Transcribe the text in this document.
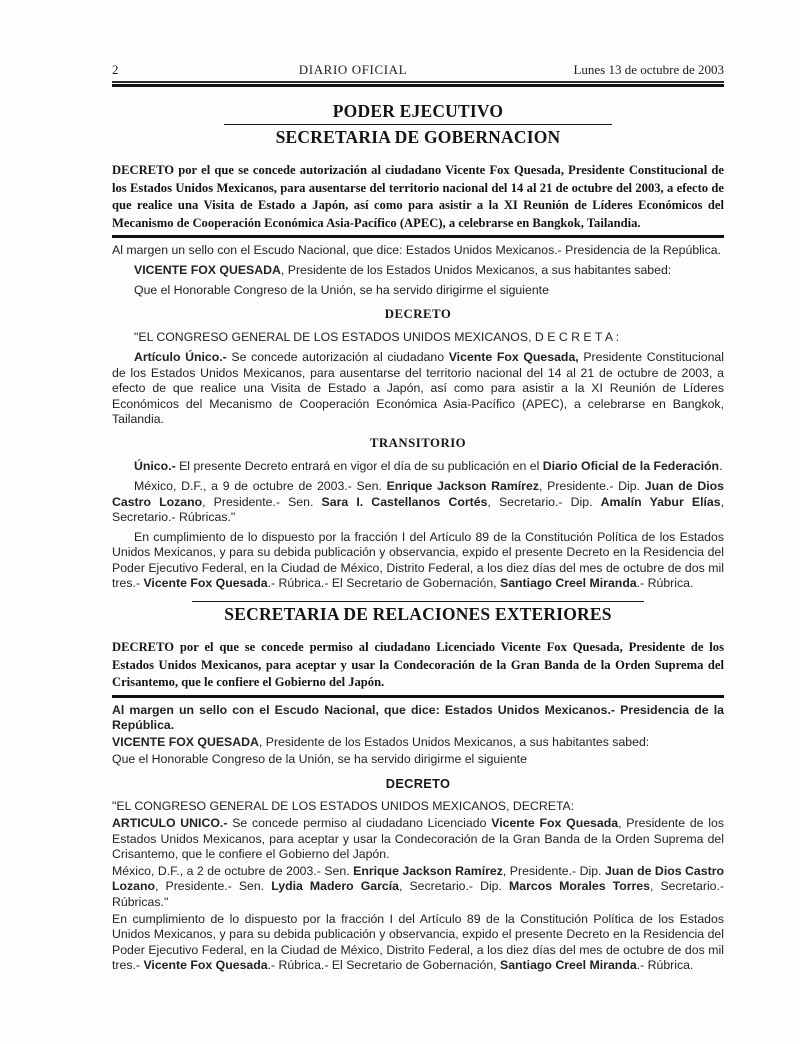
2	DIARIO OFICIAL	Lunes 13 de octubre de 2003
PODER EJECUTIVO
SECRETARIA DE GOBERNACION

DECRETO por el que se concede autorización al ciudadano Vicente Fox Quesada, Presidente Constitucional de los Estados Unidos Mexicanos, para ausentarse del territorio nacional del 14 al 21 de octubre del 2003, a efecto de que realice una Visita de Estado a Japón, así como para asistir a la XI Reunión de Líderes Económicos del Mecanismo de Cooperación Económica Asia-Pacífico (APEC), a celebrarse en Bangkok, Tailandia.

Al margen un sello con el Escudo Nacional, que dice: Estados Unidos Mexicanos.- Presidencia de la República.

VICENTE FOX QUESADA, Presidente de los Estados Unidos Mexicanos, a sus habitantes sabed:

Que el Honorable Congreso de la Unión, se ha servido dirigirme el siguiente

DECRETO

"EL CONGRESO GENERAL DE LOS ESTADOS UNIDOS MEXICANOS, D E C R E T A :

Artículo Único.- Se concede autorización al ciudadano Vicente Fox Quesada, Presidente Constitucional de los Estados Unidos Mexicanos, para ausentarse del territorio nacional del 14 al 21 de octubre de 2003, a efecto de que realice una Visita de Estado a Japón, así como para asistir a la XI Reunión de Líderes Económicos del Mecanismo de Cooperación Económica Asia-Pacífico (APEC), a celebrarse en Bangkok, Tailandia.

TRANSITORIO

Único.- El presente Decreto entrará en vigor el día de su publicación en el Diario Oficial de la Federación.

México, D.F., a 9 de octubre de 2003.- Sen. Enrique Jackson Ramírez, Presidente.- Dip. Juan de Dios Castro Lozano, Presidente.- Sen. Sara I. Castellanos Cortés, Secretario.- Dip. Amalín Yabur Elías, Secretario.- Rúbricas."

En cumplimiento de lo dispuesto por la fracción I del Artículo 89 de la Constitución Política de los Estados Unidos Mexicanos, y para su debida publicación y observancia, expido el presente Decreto en la Residencia del Poder Ejecutivo Federal, en la Ciudad de México, Distrito Federal, a los diez días del mes de octubre de dos mil tres.- Vicente Fox Quesada.- Rúbrica.- El Secretario de Gobernación, Santiago Creel Miranda.- Rúbrica.

SECRETARIA DE RELACIONES EXTERIORES

DECRETO por el que se concede permiso al ciudadano Licenciado Vicente Fox Quesada, Presidente de los Estados Unidos Mexicanos, para aceptar y usar la Condecoración de la Gran Banda de la Orden Suprema del Crisantemo, que le confiere el Gobierno del Japón.

Al margen un sello con el Escudo Nacional, que dice: Estados Unidos Mexicanos.- Presidencia de la República.

VICENTE FOX QUESADA, Presidente de los Estados Unidos Mexicanos, a sus habitantes sabed:

Que el Honorable Congreso de la Unión, se ha servido dirigirme el siguiente

DECRETO

"EL CONGRESO GENERAL DE LOS ESTADOS UNIDOS MEXICANOS, DECRETA:

ARTICULO UNICO.- Se concede permiso al ciudadano Licenciado Vicente Fox Quesada, Presidente de los Estados Unidos Mexicanos, para aceptar y usar la Condecoración de la Gran Banda de la Orden Suprema del Crisantemo, que le confiere el Gobierno del Japón.

México, D.F., a 2 de octubre de 2003.- Sen. Enrique Jackson Ramírez, Presidente.- Dip. Juan de Dios Castro Lozano, Presidente.- Sen. Lydia Madero García, Secretario.- Dip. Marcos Morales Torres, Secretario.- Rúbricas."

En cumplimiento de lo dispuesto por la fracción I del Artículo 89 de la Constitución Política de los Estados Unidos Mexicanos, y para su debida publicación y observancia, expido el presente Decreto en la Residencia del Poder Ejecutivo Federal, en la Ciudad de México, Distrito Federal, a los diez días del mes de octubre de dos mil tres.- Vicente Fox Quesada.- Rúbrica.- El Secretario de Gobernación, Santiago Creel Miranda.- Rúbrica.
